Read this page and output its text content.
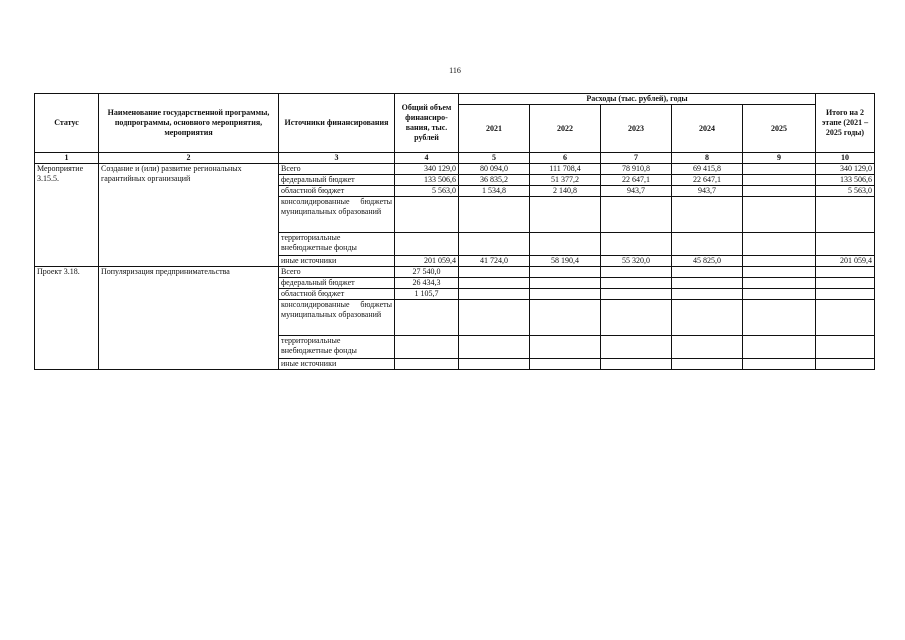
116
Статус	Наименование государственной программы, подпрограммы, основного мероприятия, мероприятия	Источники финансирования	Общий объем финансиро-вания, тыс. рублей	Расходы (тыс. рублей), годы					Итого на 2 этапе (2021 – 2025 годы)
				2021	2022	2023	2024	2025	
1	2	3	4	5	6	7	8	9	10
Мероприятие 3.15.5.	Создание и (или) развитие региональных гарантийных организаций	Всего	340 129,0	80 094,0	111 708,4	78 910,8	69 415,8		340 129,0
		федеральный бюджет	133 506,6	36 835,2	51 377,2	22 647,1	22 647,1		133 506,6
		областной бюджет	5 563,0	1 534,8	2 140,8	943,7	943,7		5 563,0
		консолидированные бюджеты муниципальных образований							
		территориальные внебюджетные фонды							
		иные источники	201 059,4	41 724,0	58 190,4	55 320,0	45 825,0		201 059,4
Проект 3.18.	Популяризация предпринимательства	Всего	27 540,0						
		федеральный бюджет	26 434,3						
		областной бюджет	1 105,7						
		консолидированные бюджеты муниципальных образований							
		территориальные внебюджетные фонды							
		иные источники							
